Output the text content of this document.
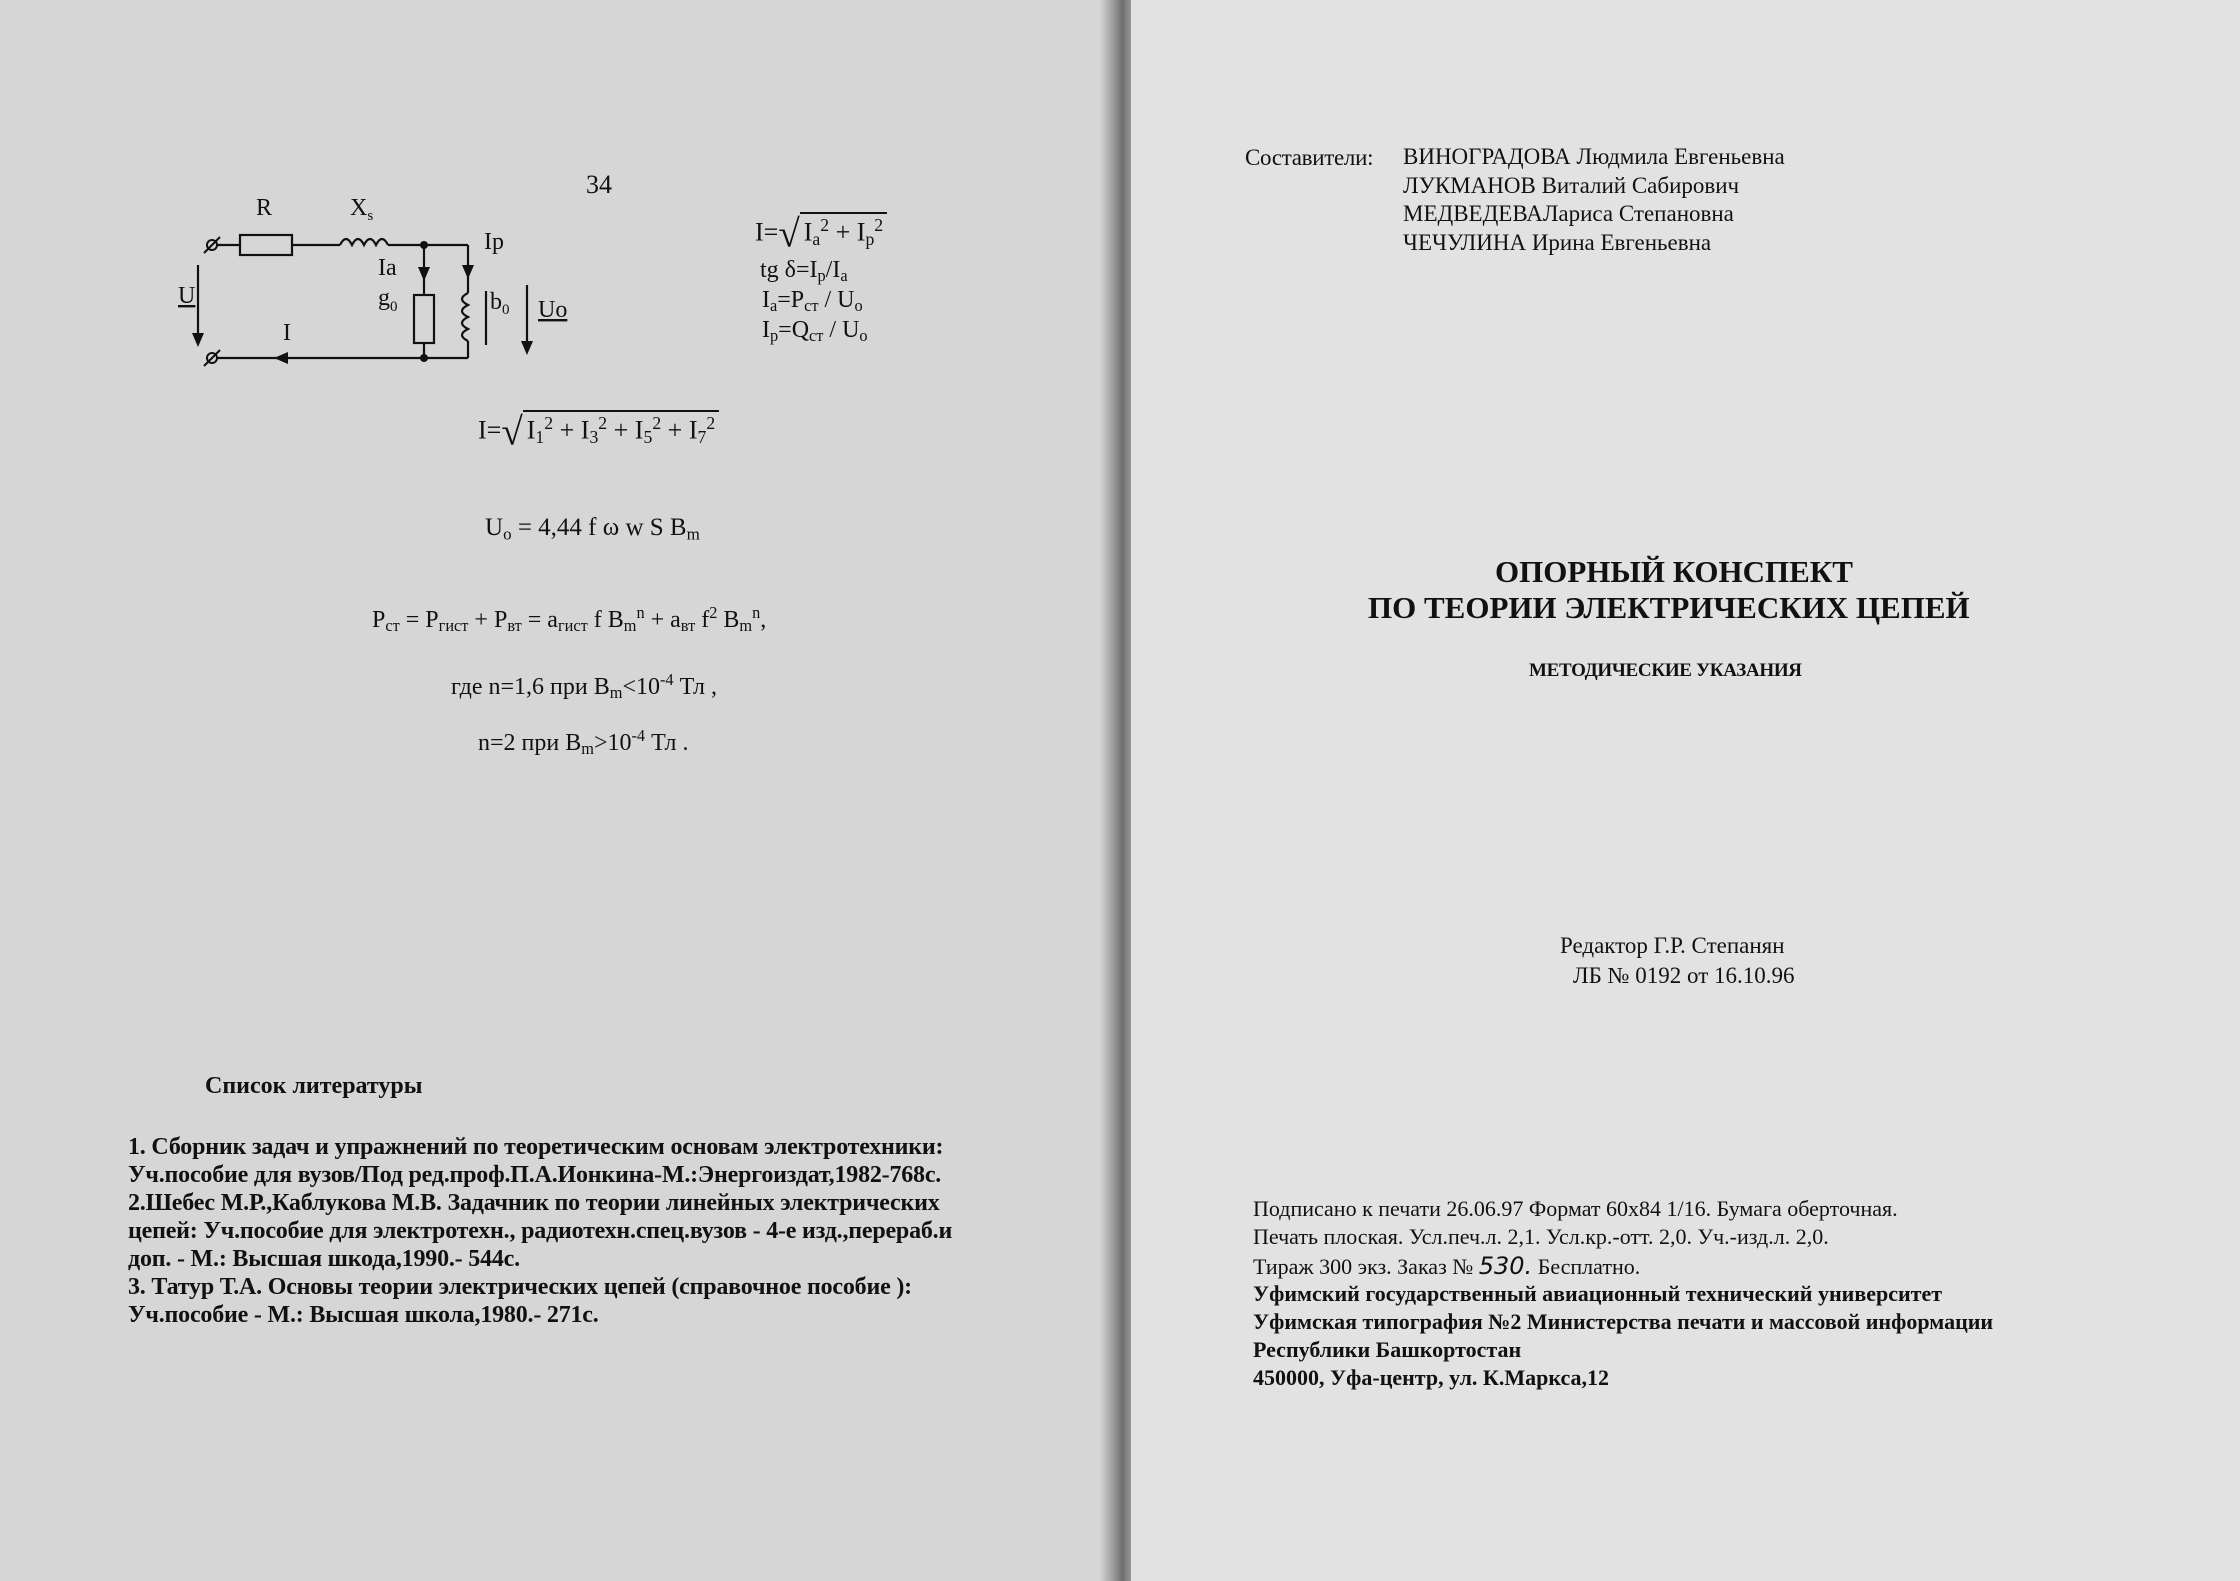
34
R	$X_s$
U
I
Ia
$g_0$
Ip
$b_0$ Uo
I=√ $I_a^2 + I_p^2$
tg $\delta=I_p/I_a$
$I_a=P_{ст} / U_o$
$I_p=Q_{ст} / U_o$
I=√ $I_1^2 + I_3^2 + I_5^2 + I_7^2$
$U_o = 4,44$ f ω w S $B_m$
$P_{ст} = P_{гист} + P_{вт} = a_{гист}$ f $B_m^n + a_{вт}$ $f^2$ $B_m^n$,
где n=1,6 при $B_m<10^{-4}$ Тл ,
n=2 при $B_m>10^{-4}$ Тл .
Список литературы
1. Сборник задач и упражнений по теоретическим основам электротехники:
Уч.пособие для вузов/Под ред.проф.П.А.Ионкина-М.:Энергоиздат,1982-768с.
2.Шебес М.Р.,Каблукова М.В. Задачник по теории линейных электрических
цепей: Уч.пособие для электротехн., радиотехн.спец.вузов - 4-е изд.,перераб.и
доп. - М.: Высшая шкода,1990.- 544с.
3. Татур Т.А. Основы теории электрических цепей (справочное пособие ):
Уч.пособие - М.: Высшая школа,1980.- 271с.
Составители: ВИНОГРАДОВА Людмила Евгеньевна
ЛУКМАНОВ Виталий Сабирович
МЕДВЕДЕВАЛариса Степановна
ЧЕЧУЛИНА Ирина Евгеньевна
ОПОРНЫЙ КОНСПЕКТ
ПО ТЕОРИИ ЭЛЕКТРИЧЕСКИХ ЦЕПЕЙ
МЕТОДИЧЕСКИЕ УКАЗАНИЯ
Редактор Г.Р. Степанян
ЛБ № 0192 от 16.10.96
Подписано к печати 26.06.97 Формат 60х84 1/16. Бумага оберточная.
Печать плоская. Усл.печ.л. 2,1. Усл.кр.-отт. 2,0. Уч.-изд.л. 2,0.
Тираж 300 экз. Заказ № 530. Бесплатно.
Уфимский государственный авиационный технический университет
Уфимская типография №2 Министерства печати и массовой информации
Республики Башкортостан
450000, Уфа-центр, ул. К.Маркса,12
